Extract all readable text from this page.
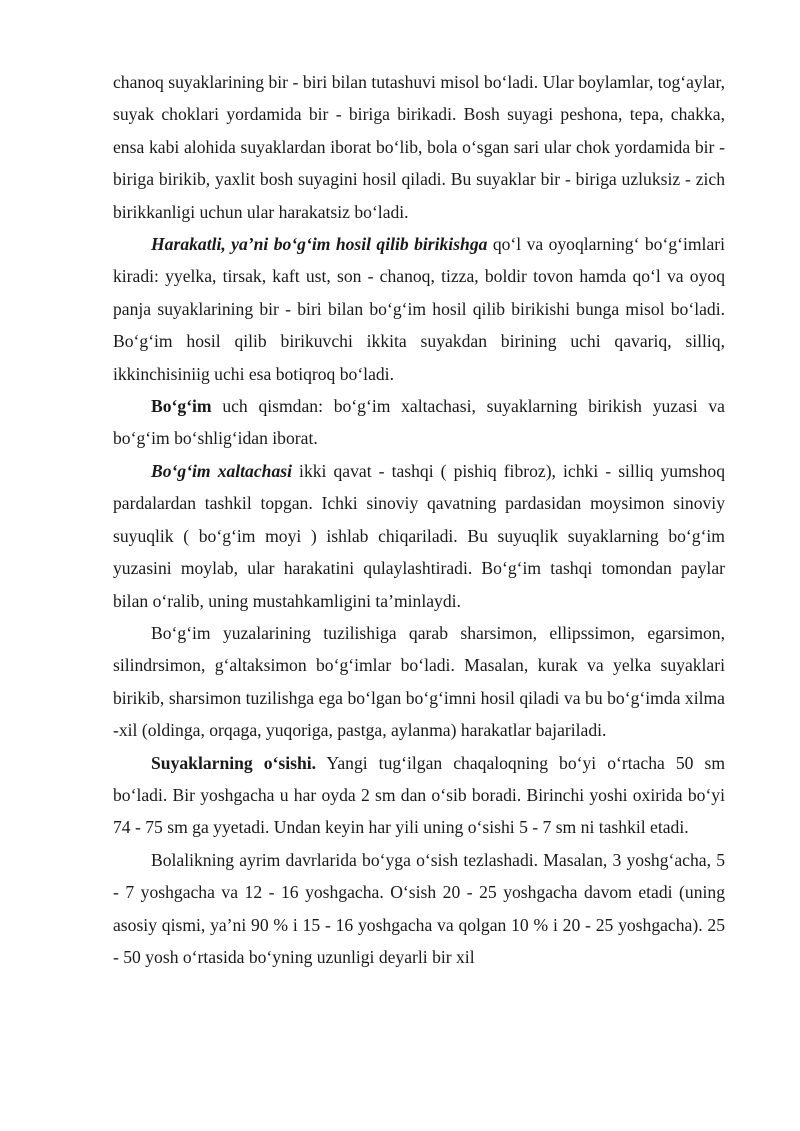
chanoq suyaklarining bir - biri bilan tutashuvi misol bo‘ladi. Ular boylamlar, tog‘aylar, suyak choklari yordamida bir - biriga birikadi. Bosh suyagi peshona, tepa, chakka, ensa kabi alohida suyaklardan iborat bo‘lib, bola o‘sgan sari ular chok yordamida bir - biriga birikib, yaxlit bosh suyagini hosil qiladi. Bu suyaklar bir - biriga uzluksiz - zich birikkanligi uchun ular harakatsiz bo‘ladi.

Harakatli, ya’ni bo‘g‘im hosil qilib birikishga qo‘l va oyoqlarning‘ bo‘g‘imlari kiradi: yyelka, tirsak, kaft ust, son - chanoq, tizza, boldir tovon hamda qo‘l va oyoq panja suyaklarining bir - biri bilan bo‘g‘im hosil qilib birikishi bunga misol bo‘ladi. Bo‘g‘im hosil qilib birikuvchi ikkita suyakdan birining uchi qavariq, silliq, ikkinchisiniig uchi esa botiqroq bo‘ladi.

Bo‘g‘im uch qismdan: bo‘g‘im xaltachasi, suyaklarning birikish yuzasi va bo‘g‘im bo‘shlig‘idan iborat.

Bo‘g‘im xaltachasi ikki qavat - tashqi ( pishiq fibroz), ichki - silliq yumshoq pardalardan tashkil topgan. Ichki sinoviy qavatning pardasidan moysimon sinoviy suyuqlik ( bo‘g‘im moyi ) ishlab chiqariladi. Bu suyuqlik suyaklarning bo‘g‘im yuzasini moylab, ular harakatini qulaylashtiradi. Bo‘g‘im tashqi tomondan paylar bilan o‘ralib, uning mustahkamligini ta’minlaydi.

Bo‘g‘im yuzalarining tuzilishiga qarab sharsimon, ellipssimon, egarsimon, silindrsimon, g‘altaksimon bo‘g‘imlar bo‘ladi. Masalan, kurak va yelka suyaklari birikib, sharsimon tuzilishga ega bo‘lgan bo‘g‘imni hosil qiladi va bu bo‘g‘imda xilma -xil (oldinga, orqaga, yuqoriga, pastga, aylanma) harakatlar bajariladi.

Suyaklarning o‘sishi. Yangi tug‘ilgan chaqaloqning bo‘yi o‘rtacha 50 sm bo‘ladi. Bir yoshgacha u har oyda 2 sm dan o‘sib boradi. Birinchi yoshi oxirida bo‘yi 74 - 75 sm ga yyetadi. Undan keyin har yili uning o‘sishi 5 - 7 sm ni tashkil etadi.

Bolalikning ayrim davrlarida bo‘yga o‘sish tezlashadi. Masalan, 3 yoshg‘acha, 5 - 7 yoshgacha va 12 - 16 yoshgacha. O‘sish 20 - 25 yoshgacha davom etadi (uning asosiy qismi, ya’ni 90 % i 15 - 16 yoshgacha va qolgan 10 % i 20 - 25 yoshgacha). 25 - 50 yosh o‘rtasida bo‘yning uzunligi deyarli bir xil
